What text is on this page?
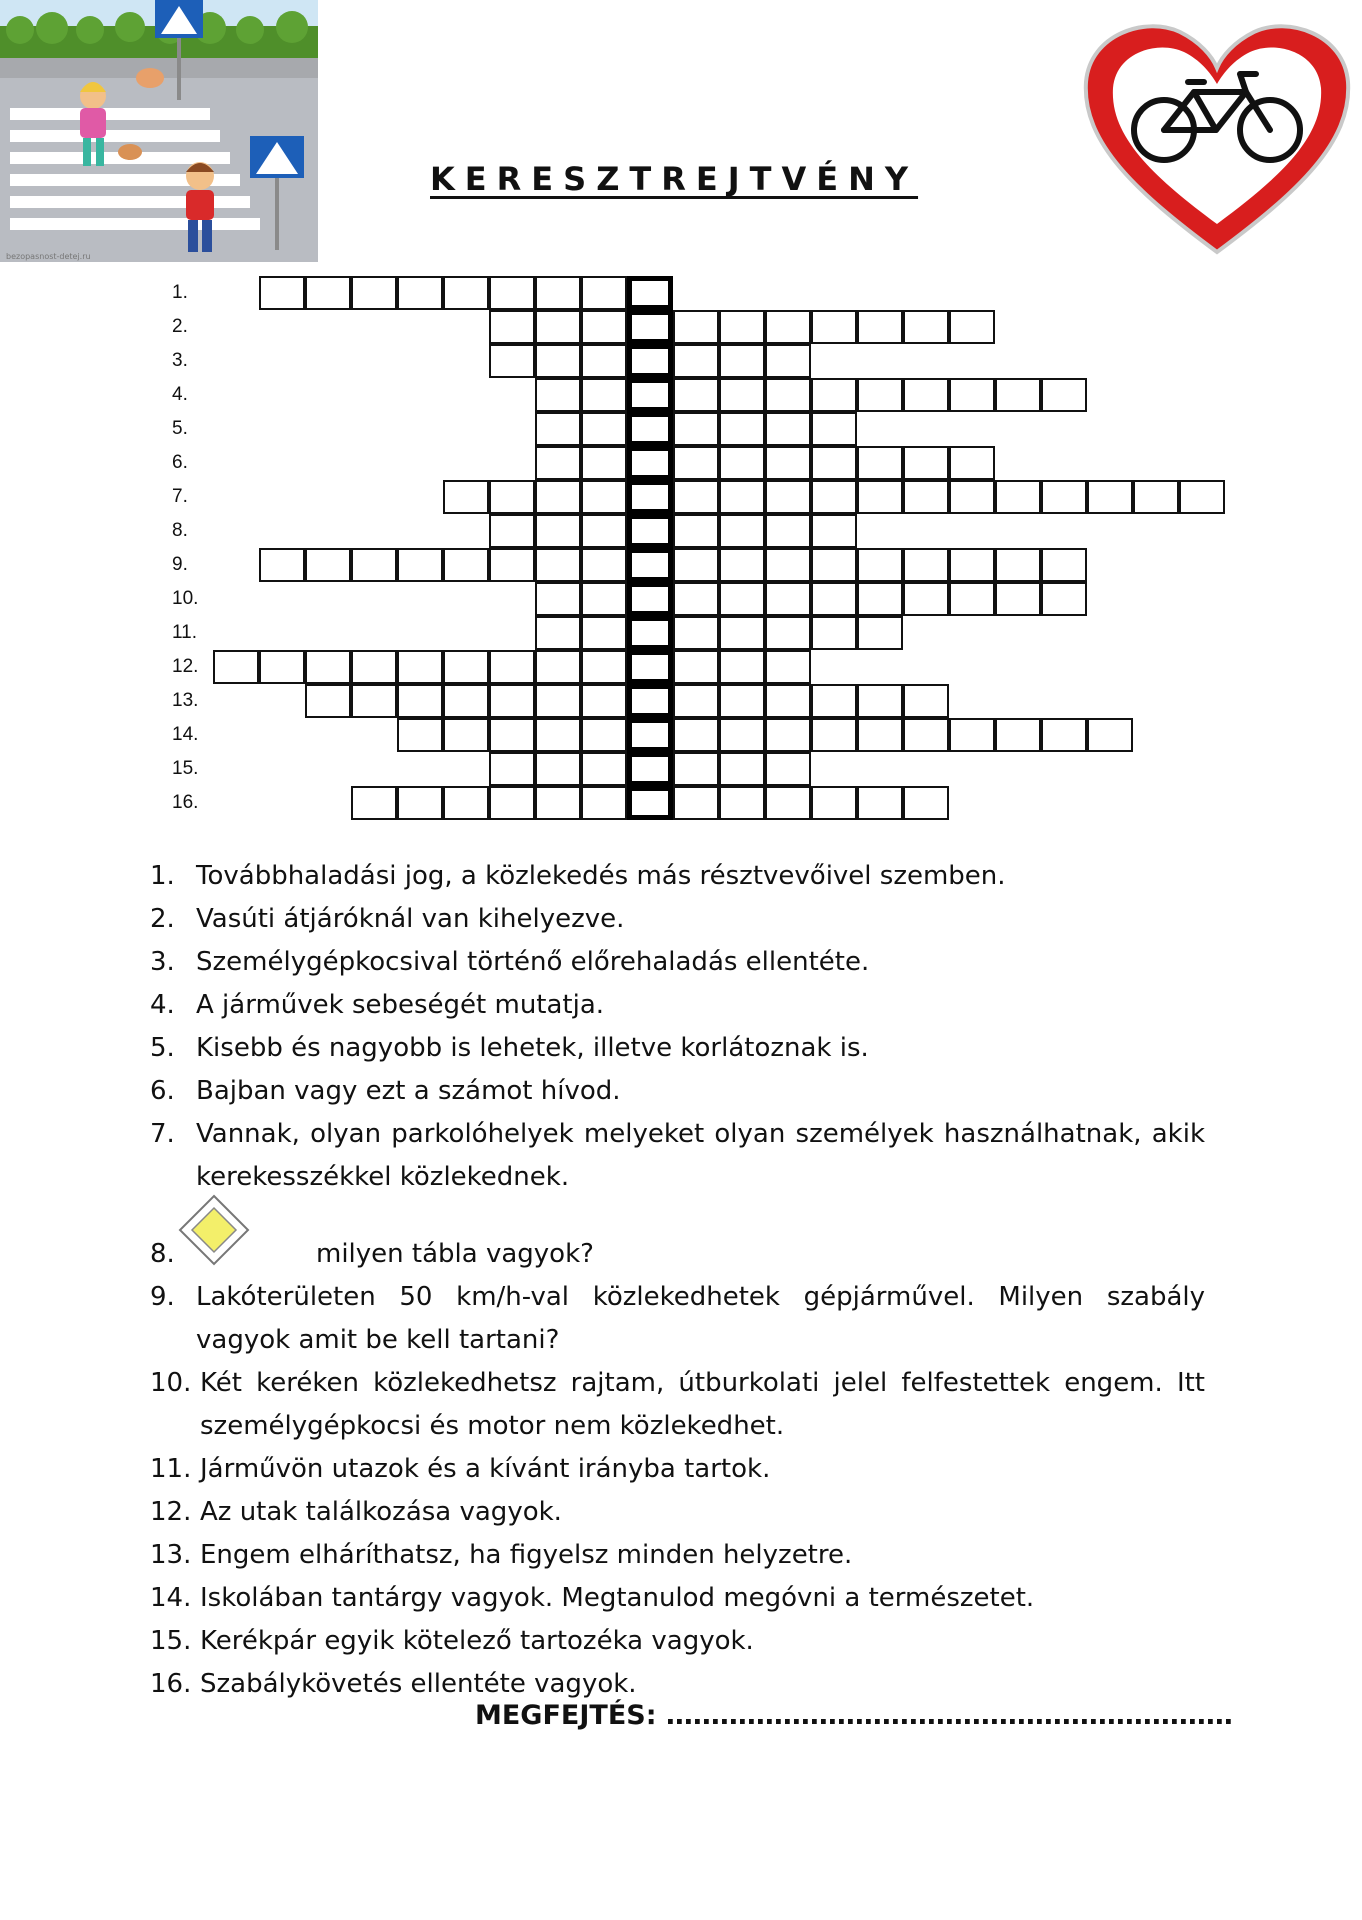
bezopasnost-detej.ru
KERESZTREJTVÉNY
1.
2.
3.
4.
5.
6.
7.
8.
9.
10.
11.
12.
13.
14.
15.
16.
1. Továbbhaladási jog, a közlekedés más résztvevőivel szemben.
2. Vasúti átjáróknál van kihelyezve.
3. Személygépkocsival történő előrehaladás ellentéte.
4. A járművek sebeségét mutatja.
5. Kisebb és nagyobb is lehetek, illetve korlátoznak is.
6. Bajban vagy ezt a számot hívod.
7. Vannak, olyan parkolóhelyek melyeket olyan személyek használhatnak, akik kerekesszékkel közlekednek.
8.	milyen tábla vagyok?
9. Lakóterületen 50 km/h-val közlekedhetek gépjárművel. Milyen szabály vagyok amit be kell tartani?
10. Két keréken közlekedhetsz rajtam, útburkolati jelel felfestettek engem. Itt személygépkocsi és motor nem közlekedhet.
11. Járművön utazok és a kívánt irányba tartok.
12. Az utak találkozása vagyok.
13. Engem elháríthatsz, ha figyelsz minden helyzetre.
14. Iskolában tantárgy vagyok. Megtanulod megóvni a természetet.
15. Kerékpár egyik kötelező tartozéka vagyok.
16. Szabálykövetés ellentéte vagyok.
MEGFEJTÉS: ………………………………………………………
